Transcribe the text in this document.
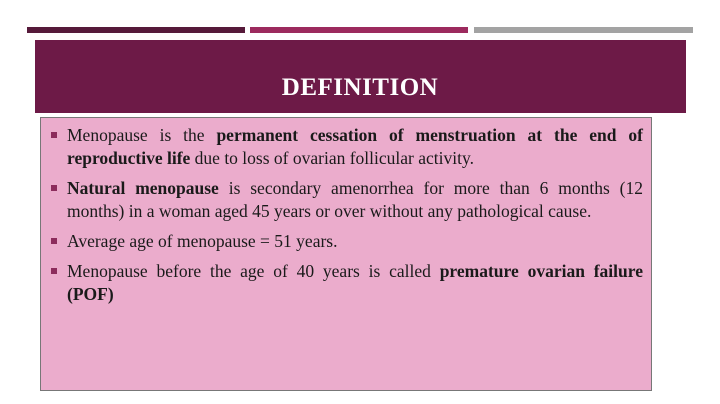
DEFINITION
Menopause is the permanent cessation of menstruation at the end of reproductive life due to loss of ovarian follicular activity.
Natural menopause is secondary amenorrhea for more than 6 months (12 months) in a woman aged 45 years or over without any pathological cause.
Average age of menopause = 51 years.
Menopause before the age of 40 years is called premature ovarian failure (POF)
